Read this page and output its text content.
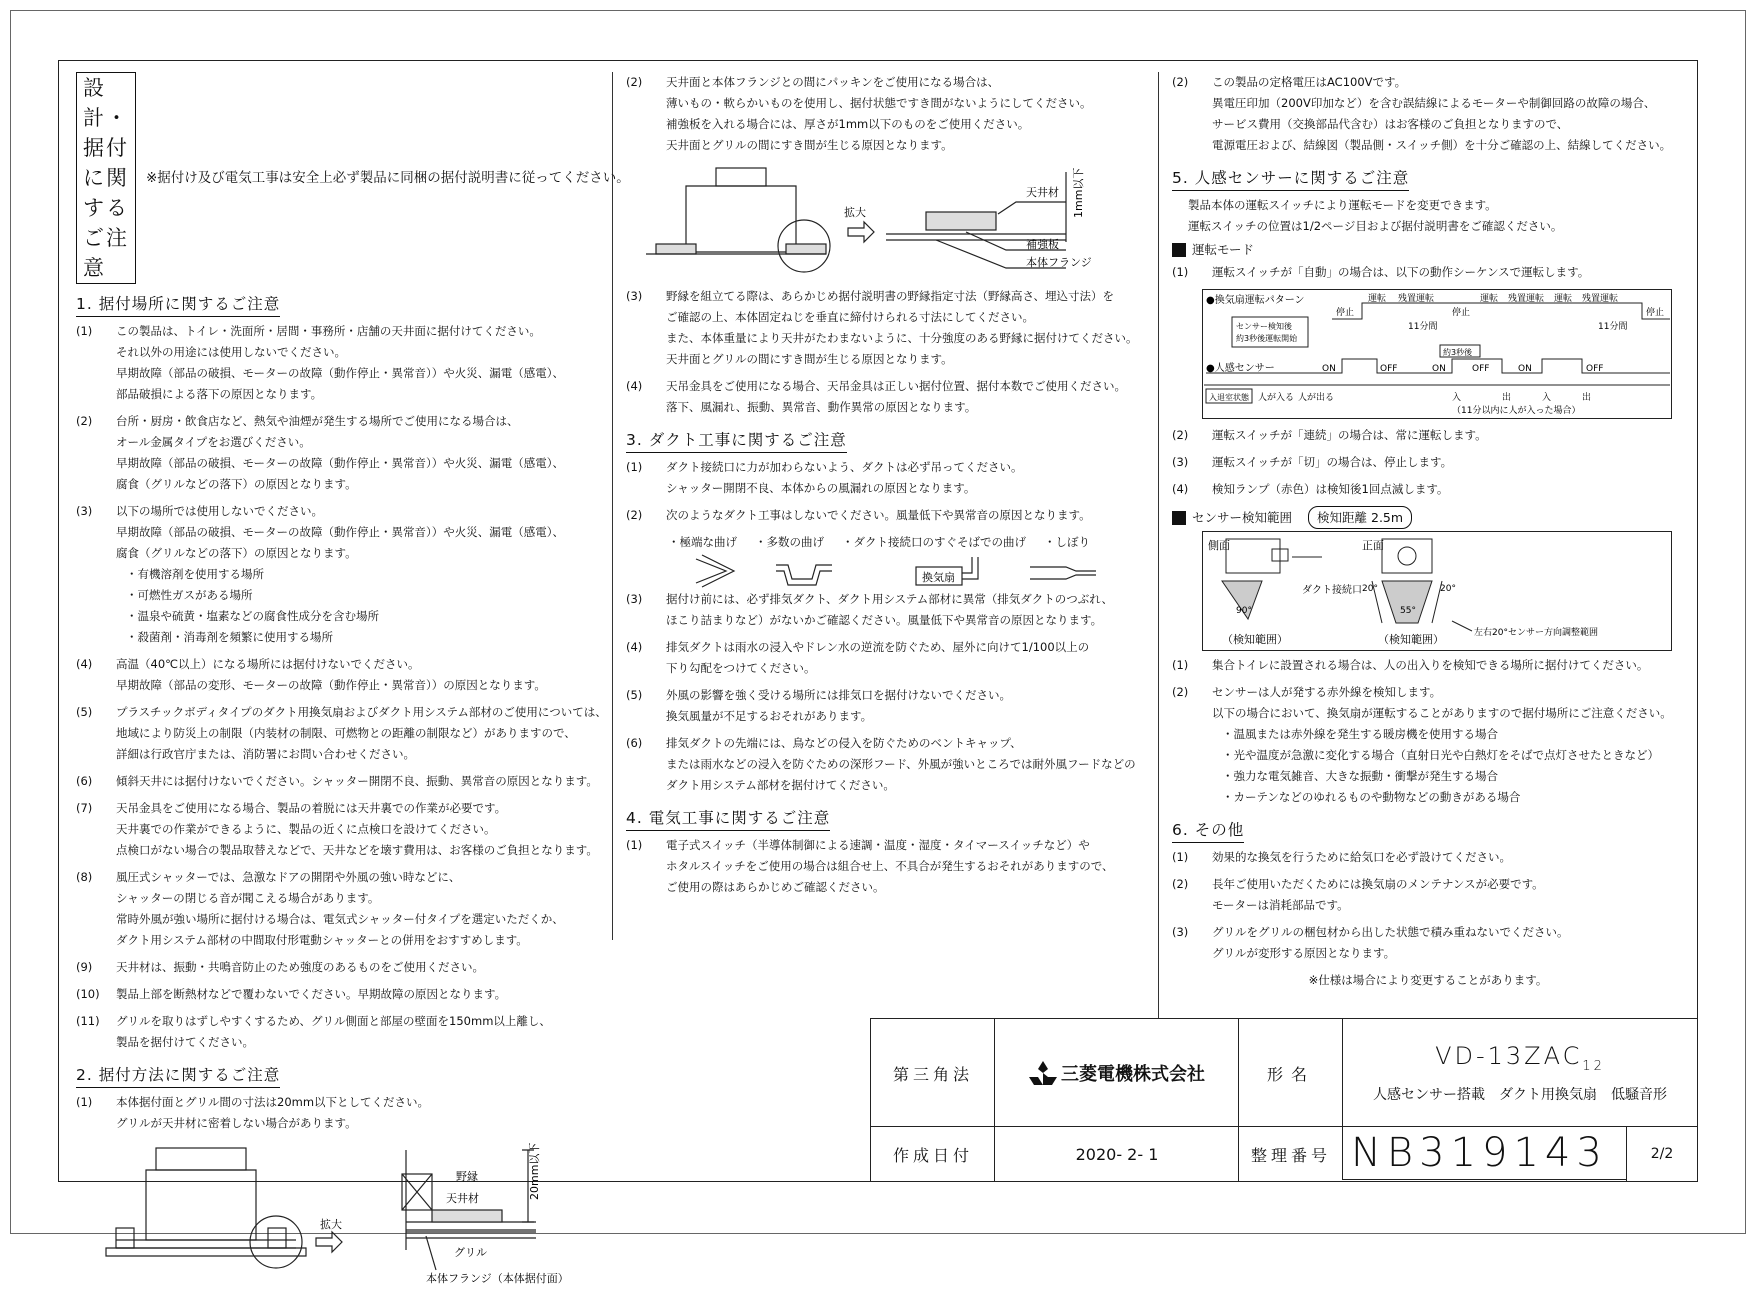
設計・据付に関するご注意
※据付け及び電気工事は安全上必ず製品に同梱の据付説明書に従ってください。
1. 据付場所に関するご注意
(1)	この製品は、トイレ・洗面所・居間・事務所・店舗の天井面に据付けてください。
それ以外の用途には使用しないでください。
早期故障（部品の破損、モーターの故障（動作停止・異常音））や火災、漏電（感電）、
部品破損による落下の原因となります。
(2)	台所・厨房・飲食店など、熱気や油煙が発生する場所でご使用になる場合は、
オール金属タイプをお選びください。
早期故障（部品の破損、モーターの故障（動作停止・異常音））や火災、漏電（感電）、
腐食（グリルなどの落下）の原因となります。
(3)	以下の場所では使用しないでください。
早期故障（部品の破損、モーターの故障（動作停止・異常音））や火災、漏電（感電）、
腐食（グリルなどの落下）の原因となります。
・有機溶剤を使用する場所
・可燃性ガスがある場所
・温泉や硫黄・塩素などの腐食性成分を含む場所
・殺菌剤・消毒剤を頻繁に使用する場所
(4)	高温（40℃以上）になる場所には据付けないでください。
早期故障（部品の変形、モーターの故障（動作停止・異常音））の原因となります。
(5)	プラスチックボディタイプのダクト用換気扇およびダクト用システム部材のご使用については、
地域により防災上の制限（内装材の制限、可燃物との距離の制限など）がありますので、
詳細は行政官庁または、消防署にお問い合わせください。
(6)	傾斜天井には据付けないでください。シャッター開閉不良、振動、異常音の原因となります。
(7)	天吊金具をご使用になる場合、製品の着脱には天井裏での作業が必要です。
天井裏での作業ができるように、製品の近くに点検口を設けてください。
点検口がない場合の製品取替えなどで、天井などを壊す費用は、お客様のご負担となります。
(8)	風圧式シャッターでは、急激なドアの開閉や外風の強い時などに、
シャッターの閉じる音が聞こえる場合があります。
常時外風が強い場所に据付ける場合は、電気式シャッター付タイプを選定いただくか、
ダクト用システム部材の中間取付形電動シャッターとの併用をおすすめします。
(9)	天井材は、振動・共鳴音防止のため強度のあるものをご使用ください。
(10)	製品上部を断熱材などで覆わないでください。早期故障の原因となります。
(11)	グリルを取りはずしやすくするため、グリル側面と部屋の壁面を150mm以上離し、
製品を据付けてください。
2. 据付方法に関するご注意
(1)	本体据付面とグリル間の寸法は20mm以下としてください。
グリルが天井材に密着しない場合があります。
拡大
野縁
天井材	20mm以下
グリル
本体フランジ（本体据付面）
(2)	天井面と本体フランジとの間にパッキンをご使用になる場合は、
薄いもの・軟らかいものを使用し、据付状態ですき間がないようにしてください。
補強板を入れる場合には、厚さが1mm以下のものをご使用ください。
天井面とグリルの間にすき間が生じる原因となります。
拡大
天井材
補強板
本体フランジ
1mm以下
(3)	野縁を組立てる際は、あらかじめ据付説明書の野縁指定寸法（野縁高さ、埋込寸法）を
ご確認の上、本体固定ねじを垂直に締付けられる寸法にしてください。
また、本体重量により天井がたわまないように、十分強度のある野縁に据付けてください。
天井面とグリルの間にすき間が生じる原因となります。
(4)	天吊金具をご使用になる場合、天吊金具は正しい据付位置、据付本数でご使用ください。
落下、風漏れ、振動、異常音、動作異常の原因となります。
3. ダクト工事に関するご注意
(1)	ダクト接続口に力が加わらないよう、ダクトは必ず吊ってください。
シャッター開閉不良、本体からの風漏れの原因となります。
(2)	次のようなダクト工事はしないでください。風量低下や異常音の原因となります。
・極端な曲げ ・多数の曲げ ・ダクト接続口のすぐそばでの曲げ ・しぼり
換気扇
(3)	据付け前には、必ず排気ダクト、ダクト用システム部材に異常（排気ダクトのつぶれ、
ほこり詰まりなど）がないかご確認ください。風量低下や異常音の原因となります。
(4)	排気ダクトは雨水の浸入やドレン水の逆流を防ぐため、屋外に向けて1/100以上の
下り勾配をつけてください。
(5)	外風の影響を強く受ける場所には排気口を据付けないでください。
換気風量が不足するおそれがあります。
(6)	排気ダクトの先端には、鳥などの侵入を防ぐためのベントキャップ、
または雨水などの浸入を防ぐための深形フード、外風が強いところでは耐外風フードなどの
ダクト用システム部材を据付けてください。
4. 電気工事に関するご注意
(1)	電子式スイッチ（半導体制御による速調・温度・湿度・タイマースイッチなど）や
ホタルスイッチをご使用の場合は組合せ上、不具合が発生するおそれがありますので、
ご使用の際はあらかじめご確認ください。
(2)	この製品の定格電圧はAC100Vです。
異電圧印加（200V印加など）を含む誤結線によるモーターや制御回路の故障の場合、
サービス費用（交換部品代含む）はお客様のご負担となりますので、
電源電圧および、結線図（製品側・スイッチ側）を十分ご確認の上、結線してください。
5. 人感センサーに関するご注意
製品本体の運転スイッチにより運転モードを変更できます。
運転スイッチの位置は1/2ページ目および据付説明書をご確認ください。
運転モード
(1)	運転スイッチが「自動」の場合は、以下の動作シーケンスで運転します。
●換気扇運転パターン
停止
運転 残置運転
11分間
停止
運転 残置運転 運転 残置運転
11分間
停止
センサー検知後
約3秒後運転開始
約3秒後
●人感センサー	ON	OFF	ON	OFF	ON	OFF
入退室状態 人が入る 人が出る	入	出	入	出
（11分以内に人が入った場合）
(2)	運転スイッチが「連続」の場合は、常に運転します。
(3)	運転スイッチが「切」の場合は、停止します。
(4)	検知ランプ（赤色）は検知後1回点滅します。
センサー検知範囲	検知距離 2.5m
側面	正面
ダクト接続口
90°	55°
20°	20°
（検知範囲）	（検知範囲）	左右20°センサー方向調整範囲
(1)	集合トイレに設置される場合は、人の出入りを検知できる場所に据付けてください。
(2)	センサーは人が発する赤外線を検知します。
以下の場合において、換気扇が運転することがありますので据付場所にご注意ください。
・温風または赤外線を発生する暖房機を使用する場合
・光や温度が急激に変化する場合（直射日光や白熱灯をそばで点灯させたときなど）
・強力な電気雑音、大きな振動・衝撃が発生する場合
・カーテンなどのゆれるものや動物などの動きがある場合
6. その他
(1)	効果的な換気を行うために給気口を必ず設けてください。
(2)	長年ご使用いただくためには換気扇のメンテナンスが必要です。
モーターは消耗部品です。
(3)	グリルをグリルの梱包材から出した状態で積み重ねないでください。
グリルが変形する原因となります。
※仕様は場合により変更することがあります。
第三角法	三菱電機株式会社	形名
$VD-13ZAC_{12}$
人感センサー搭載　ダクト用換気扇　低騒音形
作成日付	2020- 2- 1	整理番号 NB319143	2/2
